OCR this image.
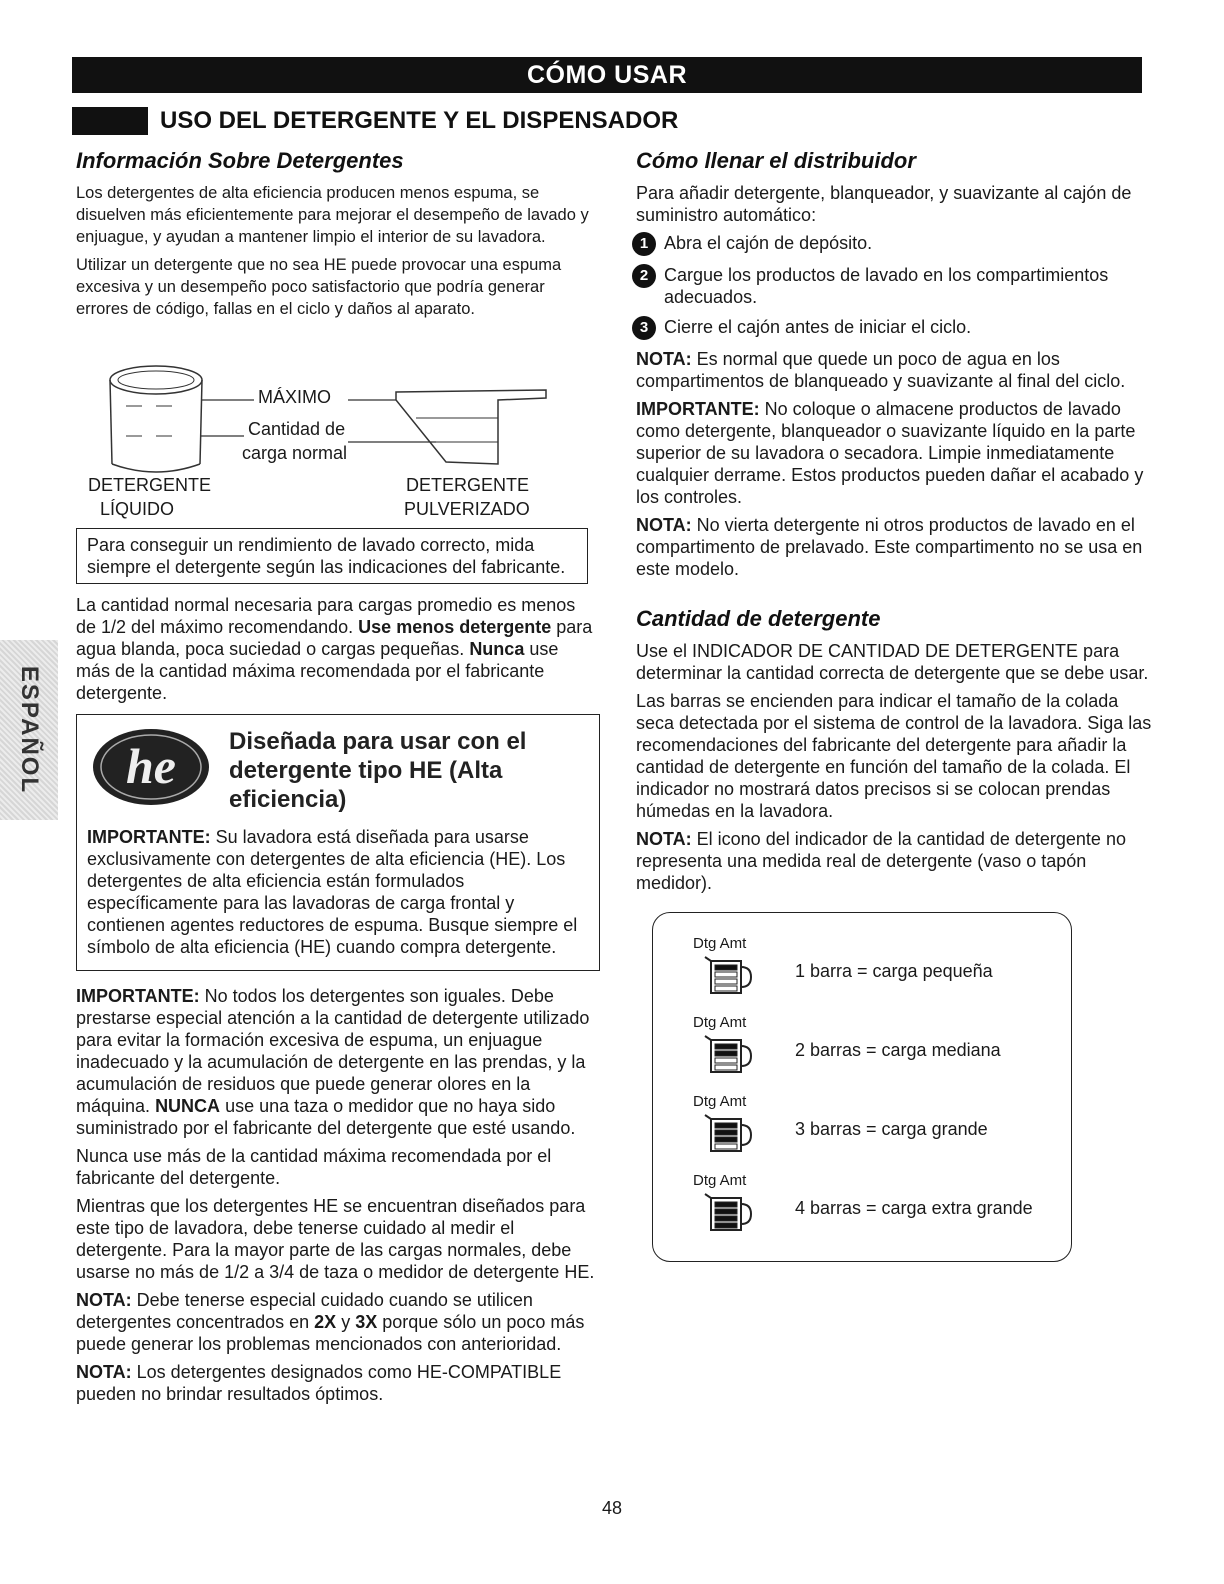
CÓMO USAR
USO DEL DETERGENTE Y EL DISPENSADOR
ESPAÑOL
Información Sobre Detergentes

Los detergentes de alta eficiencia producen menos espuma, se disuelven más eficientemente para mejorar el desempeño de lavado y enjuague, y ayudan a mantener limpio el interior de su lavadora.

Utilizar un detergente que no sea HE puede provocar una espuma excesiva y un desempeño poco satisfactorio que podría generar errores de código, fallas en el ciclo y daños al aparato.

MÁXIMO
Cantidad de
carga normal
DETERGENTE
LÍQUIDO
DETERGENTE
PULVERIZADO
Para conseguir un rendimiento de lavado correcto, mida siempre el detergente según las indicaciones del fabricante.

La cantidad normal necesaria para cargas promedio es menos de 1/2 del máximo recomendando. Use menos detergente para agua blanda, poca suciedad o cargas pequeñas. Nunca use más de la cantidad máxima recomendada por el fabricante detergente.

he Diseñada para usar con el detergente tipo HE (Alta eficiencia)

IMPORTANTE: Su lavadora está diseñada para usarse exclusivamente con detergentes de alta eficiencia (HE). Los detergentes de alta eficiencia están formulados específicamente para las lavadoras de carga frontal y contienen agentes reductores de espuma. Busque siempre el símbolo de alta eficiencia (HE) cuando compra detergente.

IMPORTANTE: No todos los detergentes son iguales. Debe prestarse especial atención a la cantidad de detergente utilizado para evitar la formación excesiva de espuma, un enjuague inadecuado y la acumulación de detergente en las prendas, y la acumulación de residuos que puede generar olores en la máquina. NUNCA use una taza o medidor que no haya sido suministrado por el fabricante del detergente que esté usando.

Nunca use más de la cantidad máxima recomendada por el fabricante del detergente.

Mientras que los detergentes HE se encuentran diseñados para este tipo de lavadora, debe tenerse cuidado al medir el detergente. Para la mayor parte de las cargas normales, debe usarse no más de 1/2 a 3/4 de taza o medidor de detergente HE.

NOTA: Debe tenerse especial cuidado cuando se utilicen detergentes concentrados en 2X y 3X porque sólo un poco más puede generar los problemas mencionados con anterioridad.

NOTA: Los detergentes designados como HE-COMPATIBLE pueden no brindar resultados óptimos.

Cómo llenar el distribuidor

Para añadir detergente, blanqueador, y suavizante al cajón de suministro automático:

1 Abra el cajón de depósito.
2 Cargue los productos de lavado en los compartimientos adecuados.
3 Cierre el cajón antes de iniciar el ciclo.

NOTA: Es normal que quede un poco de agua en los compartimentos de blanqueado y suavizante al final del ciclo.

IMPORTANTE: No coloque o almacene productos de lavado como detergente, blanqueador o suavizante líquido en la parte superior de su lavadora o secadora. Limpie inmediatamente cualquier derrame. Estos productos pueden dañar el acabado y los controles.

NOTA: No vierta detergente ni otros productos de lavado en el compartimento de prelavado. Este compartimento no se usa en este modelo.

Cantidad de detergente

Use el INDICADOR DE CANTIDAD DE DETERGENTE para determinar la cantidad correcta de detergente que se debe usar.

Las barras se encienden para indicar el tamaño de la colada seca detectada por el sistema de control de la lavadora. Siga las recomendaciones del fabricante del detergente para añadir la cantidad de detergente en función del tamaño de la colada. El indicador no mostrará datos precisos si se colocan prendas húmedas en la lavadora.

NOTA: El icono del indicador de la cantidad de detergente no representa una medida real de detergente (vaso o tapón medidor).

Dtg Amt
1 barra = carga pequeña
Dtg Amt
2 barras = carga mediana
Dtg Amt
3 barras = carga grande
Dtg Amt
4 barras = carga extra grande
48
